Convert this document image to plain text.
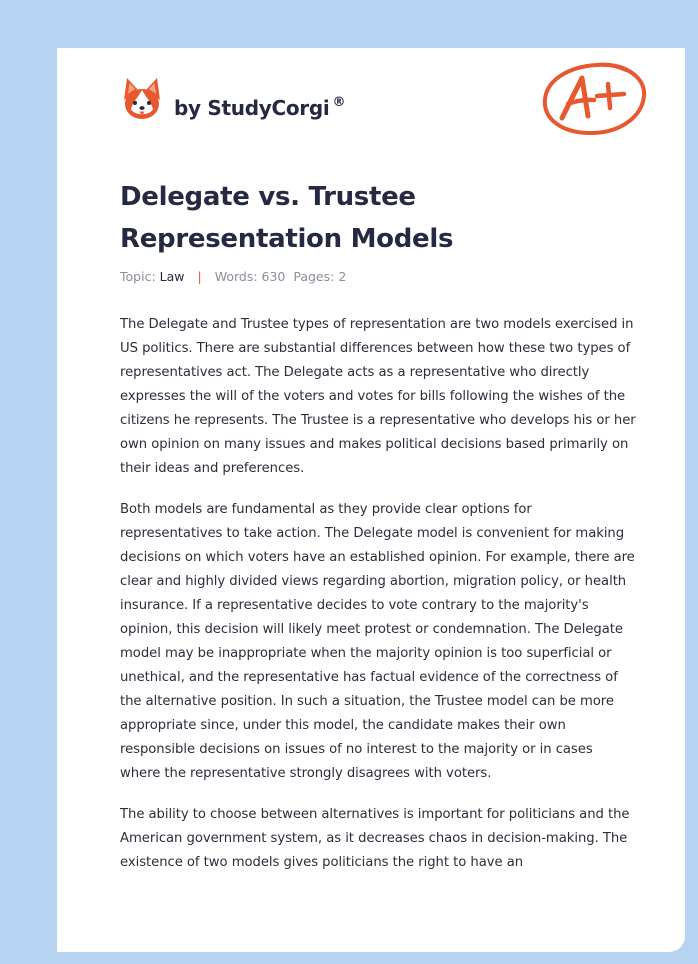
by StudyCorgi ®
Delegate vs. Trustee Representation Models
Topic: Law | Words: 630 Pages: 2

The Delegate and Trustee types of representation are two models exercised in US politics. There are substantial differences between how these two types of representatives act. The Delegate acts as a representative who directly expresses the will of the voters and votes for bills following the wishes of the citizens he represents. The Trustee is a representative who develops his or her own opinion on many issues and makes political decisions based primarily on their ideas and preferences.

Both models are fundamental as they provide clear options for representatives to take action. The Delegate model is convenient for making decisions on which voters have an established opinion. For example, there are clear and highly divided views regarding abortion, migration policy, or health insurance. If a representative decides to vote contrary to the majority's opinion, this decision will likely meet protest or condemnation. The Delegate model may be inappropriate when the majority opinion is too superficial or unethical, and the representative has factual evidence of the correctness of the alternative position. In such a situation, the Trustee model can be more appropriate since, under this model, the candidate makes their own responsible decisions on issues of no interest to the majority or in cases where the representative strongly disagrees with voters.

The ability to choose between alternatives is important for politicians and the American government system, as it decreases chaos in decision-making. The existence of two models gives politicians the right to have an
